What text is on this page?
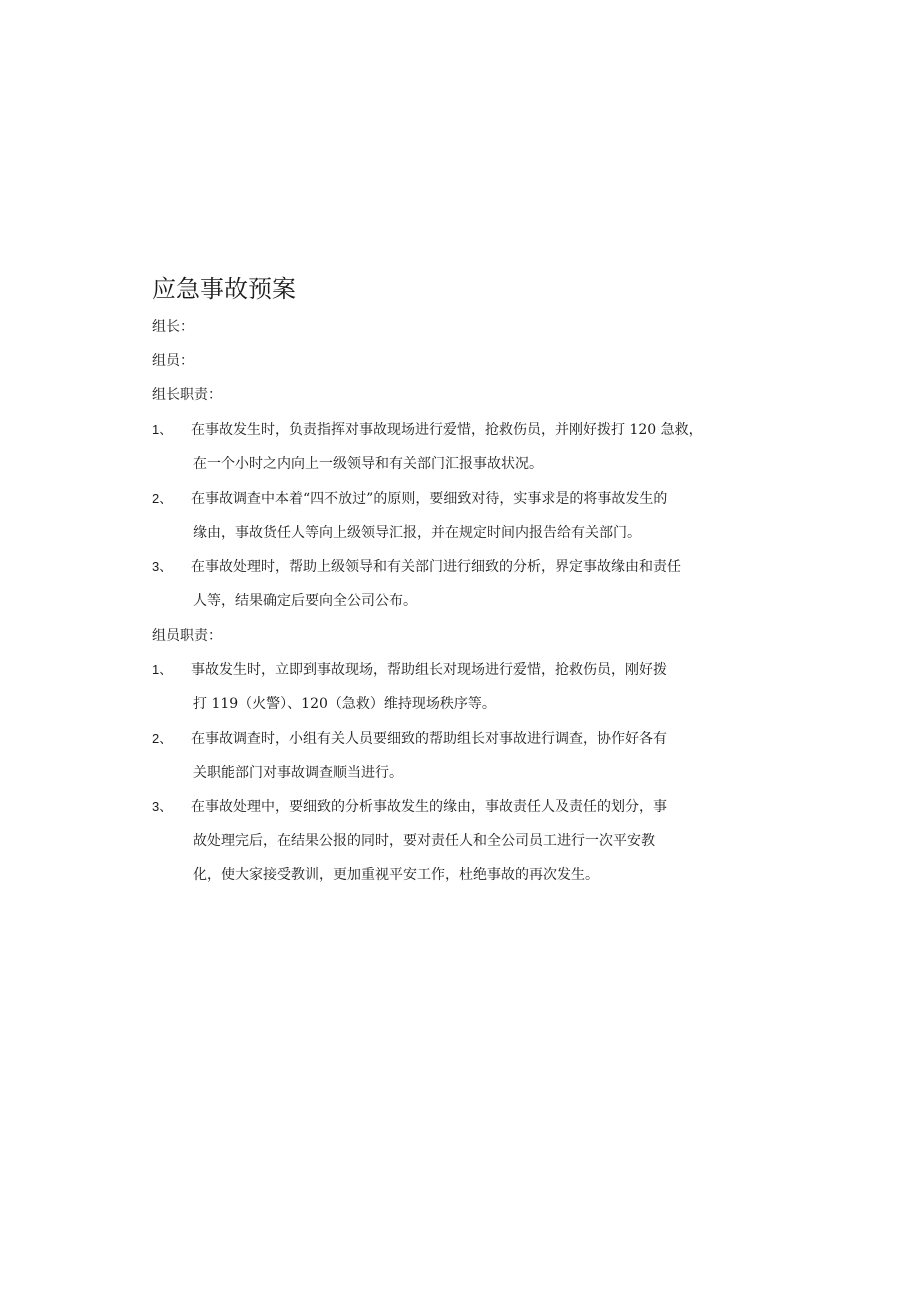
应急事故预案
组长：
组员：
组长职责：
1、 在事故发生时，负责指挥对事故现场进行爱惜，抢救伤员，并刚好拨打 120 急救，
在一个小时之内向上一级领导和有关部门汇报事故状况。
2、 在事故调查中本着“四不放过”的原则，要细致对待，实事求是的将事故发生的
缘由，事故货任人等向上级领导汇报，并在规定时间内报告给有关部门。
3、 在事故处理时，帮助上级领导和有关部门进行细致的分析，界定事故缘由和责任
人等，结果确定后要向全公司公布。
组员职责：
1、 事故发生时，立即到事故现场，帮助组长对现场进行爱惜，抢救伤员，刚好拨
打 119（火警）、120（急救）维持现场秩序等。
2、 在事故调查时，小组有关人员要细致的帮助组长对事故进行调查，协作好各有
关职能部门对事故调查顺当进行。
3、 在事故处理中，要细致的分析事故发生的缘由，事故责任人及责任的划分，事
故处理完后，在结果公报的同时，要对责任人和全公司员工进行一次平安教
化，使大家接受教训，更加重视平安工作，杜绝事故的再次发生。
